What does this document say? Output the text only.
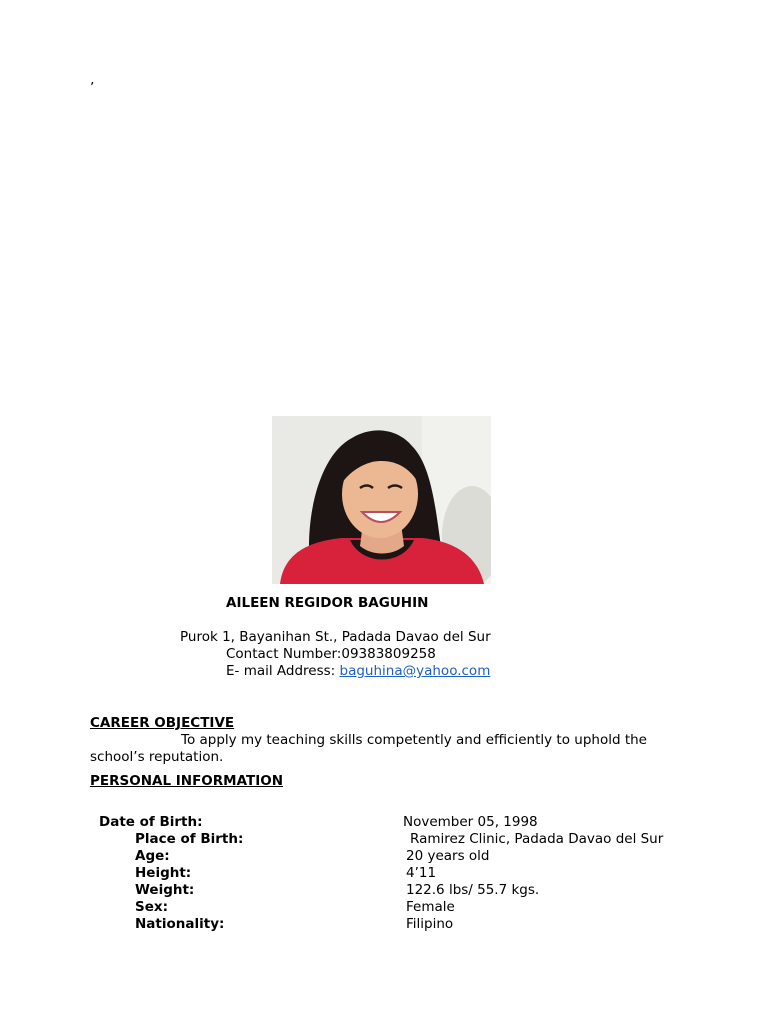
’
AILEEN REGIDOR BAGUHIN
Purok 1, Bayanihan St., Padada Davao del Sur
Contact Number:09383809258
E- mail Address: baguhina@yahoo.com
CAREER OBJECTIVE
To apply my teaching skills competently and efficiently to uphold the school’s reputation.
PERSONAL INFORMATION
Date of Birth:	November 05, 1998
Place of Birth:	Ramirez Clinic, Padada Davao del Sur
Age:	20 years old
Height:	4’11
Weight:	122.6 lbs/ 55.7 kgs.
Sex:	Female
Nationality:	Filipino
